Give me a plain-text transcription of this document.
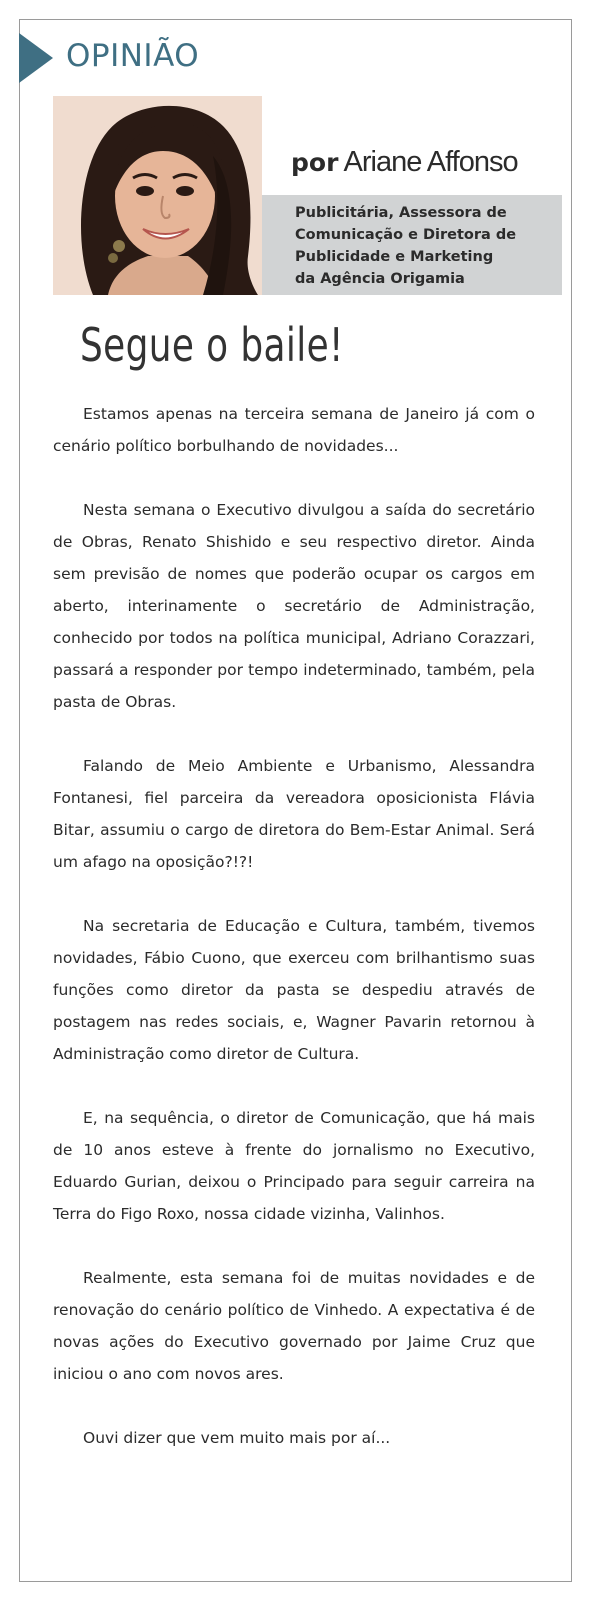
OPINIÃO
por Ariane Affonso
Publicitária, Assessora de
Comunicação e Diretora de
Publicidade e Marketing
da Agência Origamia
Segue o baile!

Estamos apenas na terceira semana de Janeiro já com o cenário político borbulhando de novidades...

Nesta semana o Executivo divulgou a saída do secretário de Obras, Renato Shishido e seu respectivo diretor. Ainda sem previsão de nomes que poderão ocupar os cargos em aberto, interinamente o secretário de Administração, conhecido por todos na política municipal, Adriano Corazzari, passará a responder por tempo indeterminado, também, pela pasta de Obras.

Falando de Meio Ambiente e Urbanismo, Alessandra Fontanesi, fiel parceira da vereadora oposicionista Flávia Bitar, assumiu o cargo de diretora do Bem-Estar Animal. Será um afago na oposição?!?!

Na secretaria de Educação e Cultura, também, tivemos novidades, Fábio Cuono, que exerceu com brilhantismo suas funções como diretor da pasta se despediu através de postagem nas redes sociais, e, Wagner Pavarin retornou à Administração como diretor de Cultura.

E, na sequência, o diretor de Comunicação, que há mais de 10 anos esteve à frente do jornalismo no Executivo, Eduardo Gurian, deixou o Principado para seguir carreira na Terra do Figo Roxo, nossa cidade vizinha, Valinhos.

Realmente, esta semana foi de muitas novidades e de renovação do cenário político de Vinhedo. A expectativa é de novas ações do Executivo governado por Jaime Cruz que iniciou o ano com novos ares.

Ouvi dizer que vem muito mais por aí...
